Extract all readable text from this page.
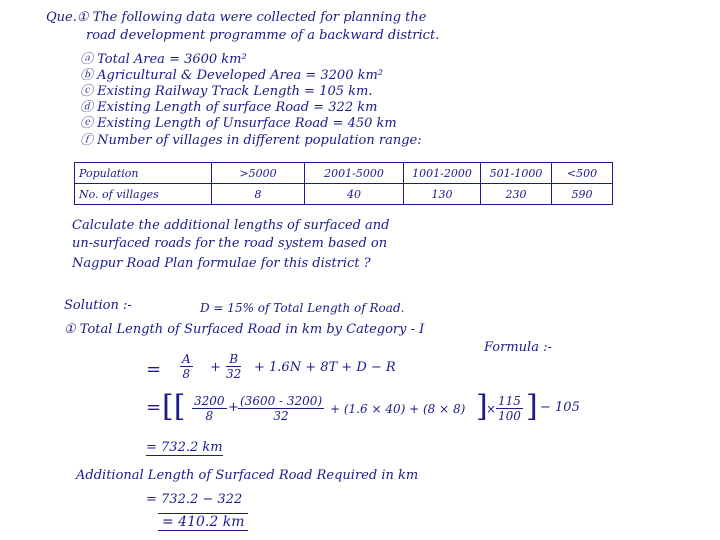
Que.① The following data were collected for planning the
road development programme of a backward district.
ⓐ Total Area = 3600 km²
ⓑ Agricultural & Developed Area = 3200 km²
ⓒ Existing Railway Track Length = 105 km.
ⓓ Existing Length of surface Road = 322 km
ⓔ Existing Length of Unsurface Road = 450 km
ⓕ Number of villages in different population range:
Population	>5000	2001-5000	1001-2000	501-1000	<500
No. of villages	8	40	130	230	590
Calculate the additional lengths of surfaced and
un-surfaced roads for the road system based on
Nagpur Road Plan formulae for this district ?
Solution :-	D = 15% of Total Length of Road.
① Total Length of Surfaced Road in km by Category - I
Formula :-
= $\frac{A}{8} + \frac{B}{32} + 1.6N + 8T + D - R$
= [[ $\frac{3200}{8} + \frac{(3600 - 3200)}{32} + (1.6 \times 40) + (8 \times 8)$ ]
× $\frac{115}{100}$ ] − 105
= 732.2 km
Additional Length of Surfaced Road Required in km
= 732.2 − 322
= 410.2 km
